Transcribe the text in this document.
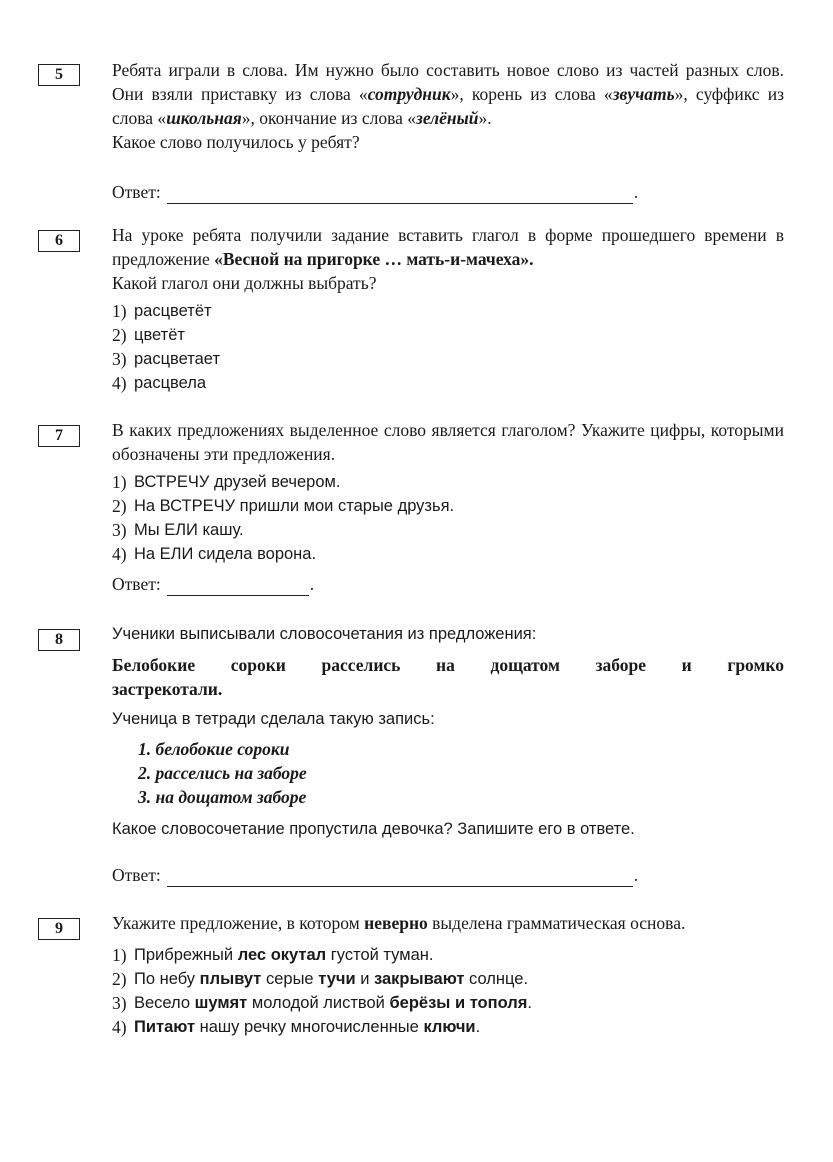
5	Ребята играли в слова. Им нужно было составить новое слово из частей разных слов. Они взяли приставку из слова «сотрудник», корень из слова «звучать», суффикс из слова «школьная», окончание из слова «зелёный».

Какое слово получилось у ребят?

Ответ:	.
6	На уроке ребята получили задание вставить глагол в форме прошедшего времени в предложение «Весной на пригорке … мать-и-мачеха».

Какой глагол они должны выбрать?

1) расцветёт
2) цветёт
3) расцветает
4) расцвела
7	В каких предложениях выделенное слово является глаголом? Укажите цифры, которыми обозначены эти предложения.

1) ВСТРЕЧУ друзей вечером.
2) На ВСТРЕЧУ пришли мои старые друзья.
3) Мы ЕЛИ кашу.
4) На ЕЛИ сидела ворона.
Ответ:	.
8	Ученики выписывали словосочетания из предложения:

Белобокие сороки расселись на дощатом заборе и громко

застрекотали.

Ученица в тетради сделала такую запись:

1. белобокие сороки

2. расселись на заборе

3. на дощатом заборе

Какое словосочетание пропустила девочка? Запишите его в ответе.

Ответ:	.
9	Укажите предложение, в котором неверно выделена грамматическая основа.

1) Прибрежный лес окутал густой туман.
2) По небу плывут серые тучи и закрывают солнце.
3) Весело шумят молодой листвой берёзы и тополя.
4) Питают нашу речку многочисленные ключи.
